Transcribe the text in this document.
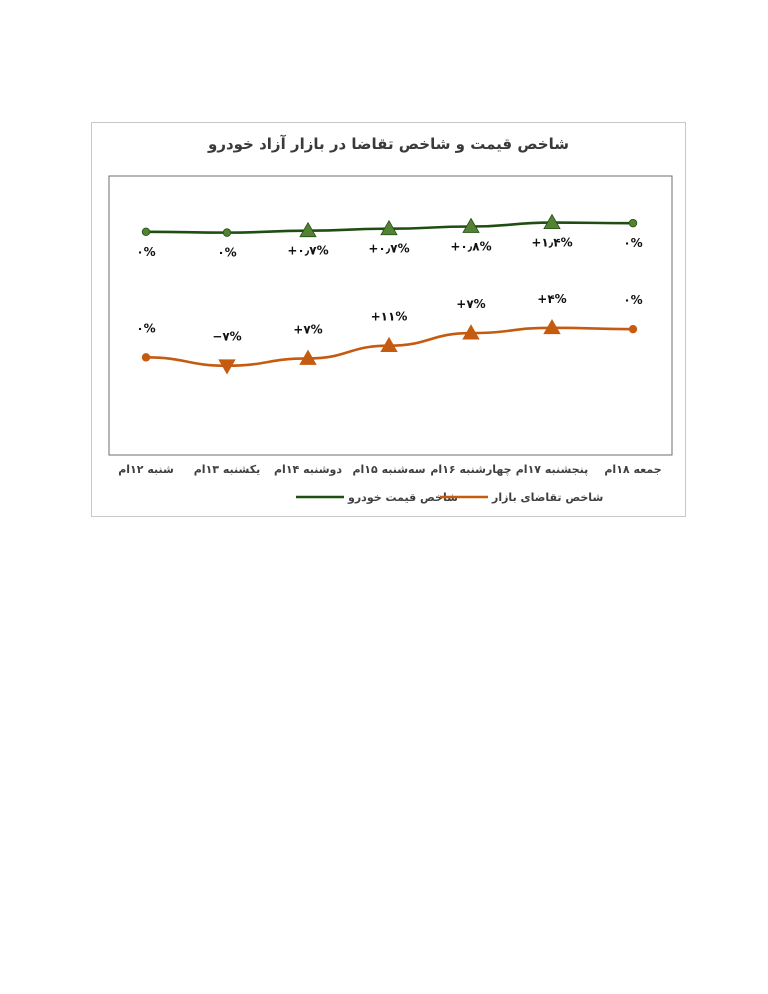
شاخص قیمت و شاخص تقاضا در بازار آزاد خودرو
۰%	۰%	+۰٫۷%	+۰٫۷%	+۰٫۸%	+۱٫۴%	۰%
۰%
−۷%
+۷%
+۱۱%
+۷%	+۴%	۰%
شنبه ۱۲ام یکشنبه ۱۳ام دوشنبه ۱۴ام سه‌شنبه ۱۵ام چهارشنبه ۱۶ام پنجشنبه ۱۷ام جمعه ۱۸ام
شاخص قیمت خودرو	شاخص تقاضای بازار
